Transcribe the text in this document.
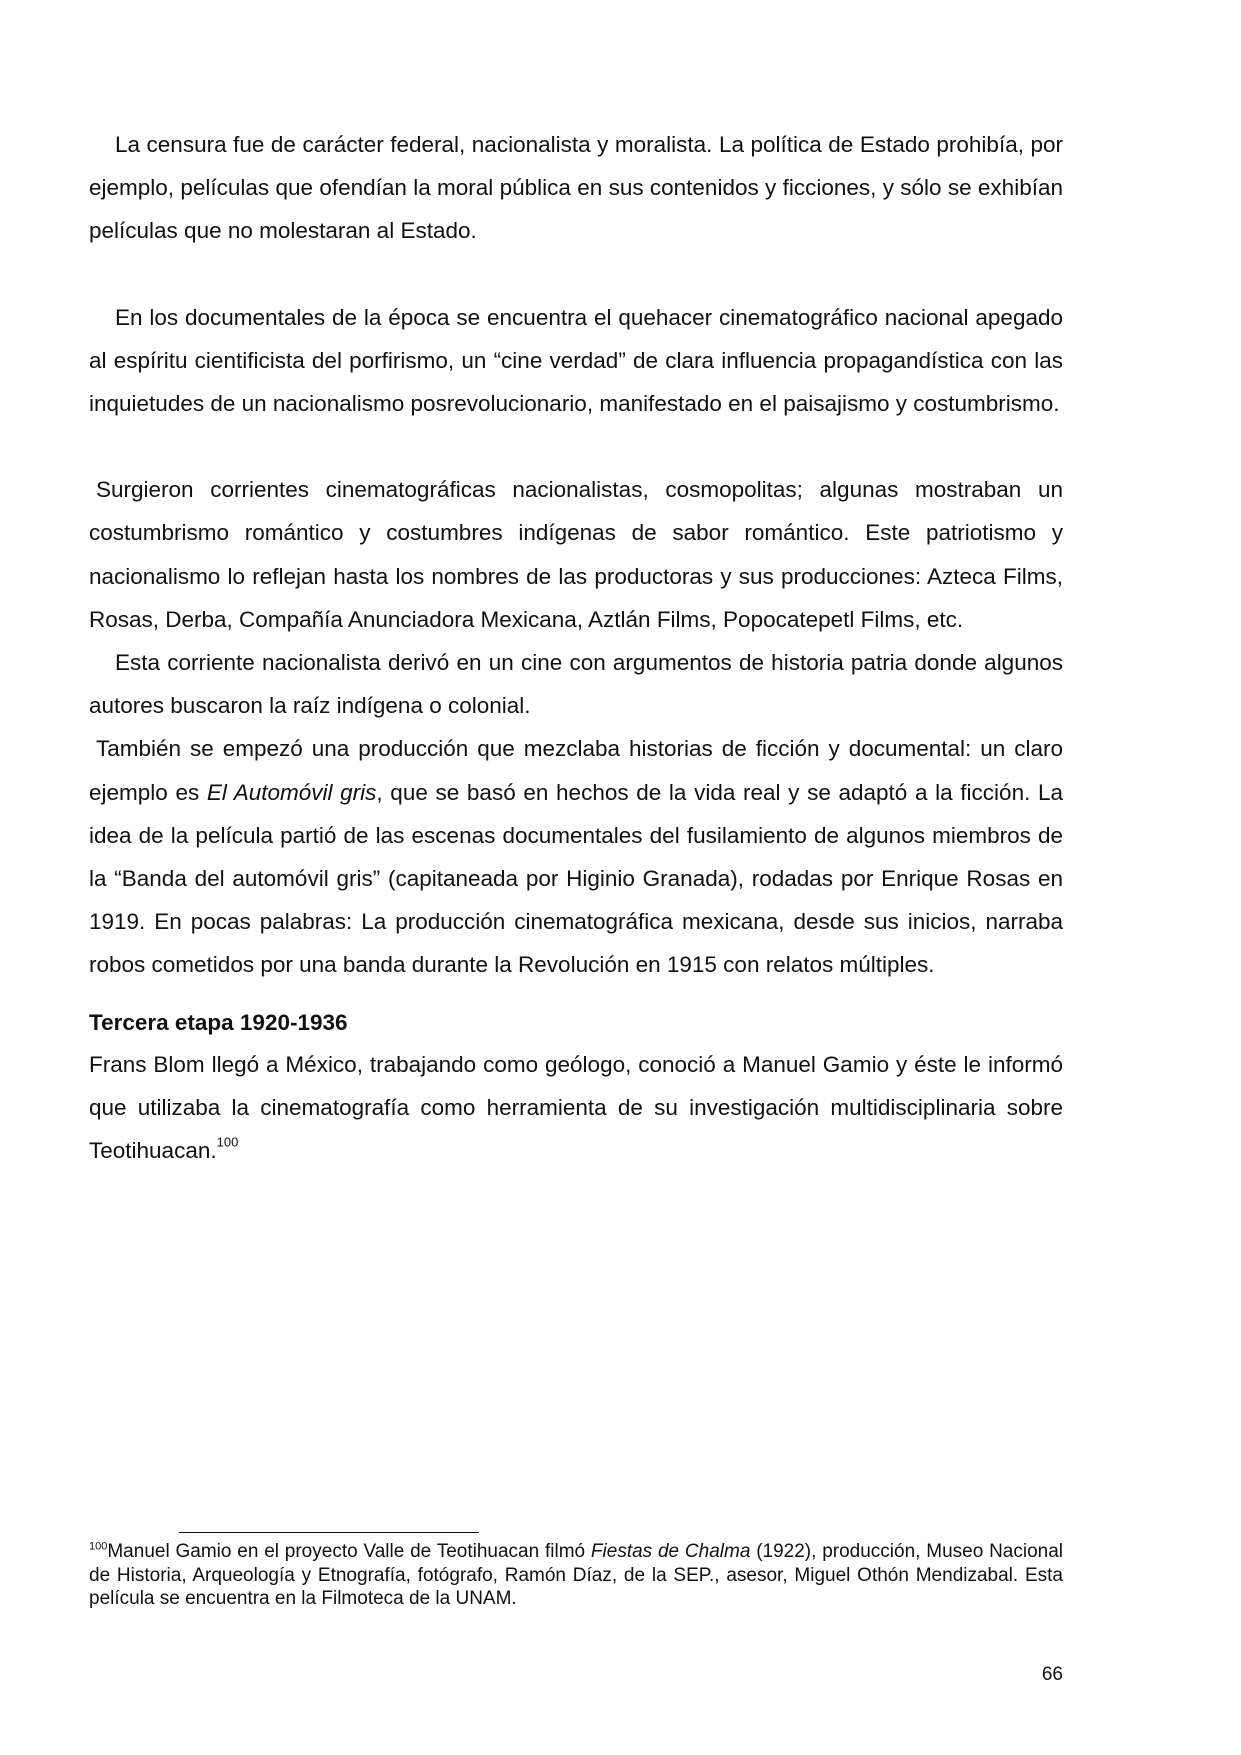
La censura fue de carácter federal, nacionalista y moralista. La política de Estado prohibía, por ejemplo, películas que ofendían la moral pública en sus contenidos y ficciones, y sólo se exhibían películas que no molestaran al Estado.

En los documentales de la época se encuentra el quehacer cinematográfico nacional apegado al espíritu cientificista del porfirismo, un “cine verdad” de clara influencia propagandística con las inquietudes de un nacionalismo posrevolucionario, manifestado en el paisajismo y costumbrismo.

Surgieron corrientes cinematográficas nacionalistas, cosmopolitas; algunas mostraban un costumbrismo romántico y costumbres indígenas de sabor romántico. Este patriotismo y nacionalismo lo reflejan hasta los nombres de las productoras y sus producciones: Azteca Films, Rosas, Derba, Compañía Anunciadora Mexicana, Aztlán Films, Popocatepetl Films, etc.

Esta corriente nacionalista derivó en un cine con argumentos de historia patria donde algunos autores buscaron la raíz indígena o colonial.

También se empezó una producción que mezclaba historias de ficción y documental: un claro ejemplo es El Automóvil gris, que se basó en hechos de la vida real y se adaptó a la ficción. La idea de la película partió de las escenas documentales del fusilamiento de algunos miembros de la “Banda del automóvil gris” (capitaneada por Higinio Granada), rodadas por Enrique Rosas en 1919. En pocas palabras: La producción cinematográfica mexicana, desde sus inicios, narraba robos cometidos por una banda durante la Revolución en 1915 con relatos múltiples.

Tercera etapa 1920-1936

Frans Blom llegó a México, trabajando como geólogo, conoció a Manuel Gamio y éste le informó que utilizaba la cinematografía como herramienta de su investigación multidisciplinaria sobre Teotihuacan.$^{100}$

$^{100}$Manuel Gamio en el proyecto Valle de Teotihuacan filmó Fiestas de Chalma (1922), producción, Museo Nacional de Historia, Arqueología y Etnografía, fotógrafo, Ramón Díaz, de la SEP., asesor, Miguel Othón Mendizabal. Esta película se encuentra en la Filmoteca de la UNAM.

66
